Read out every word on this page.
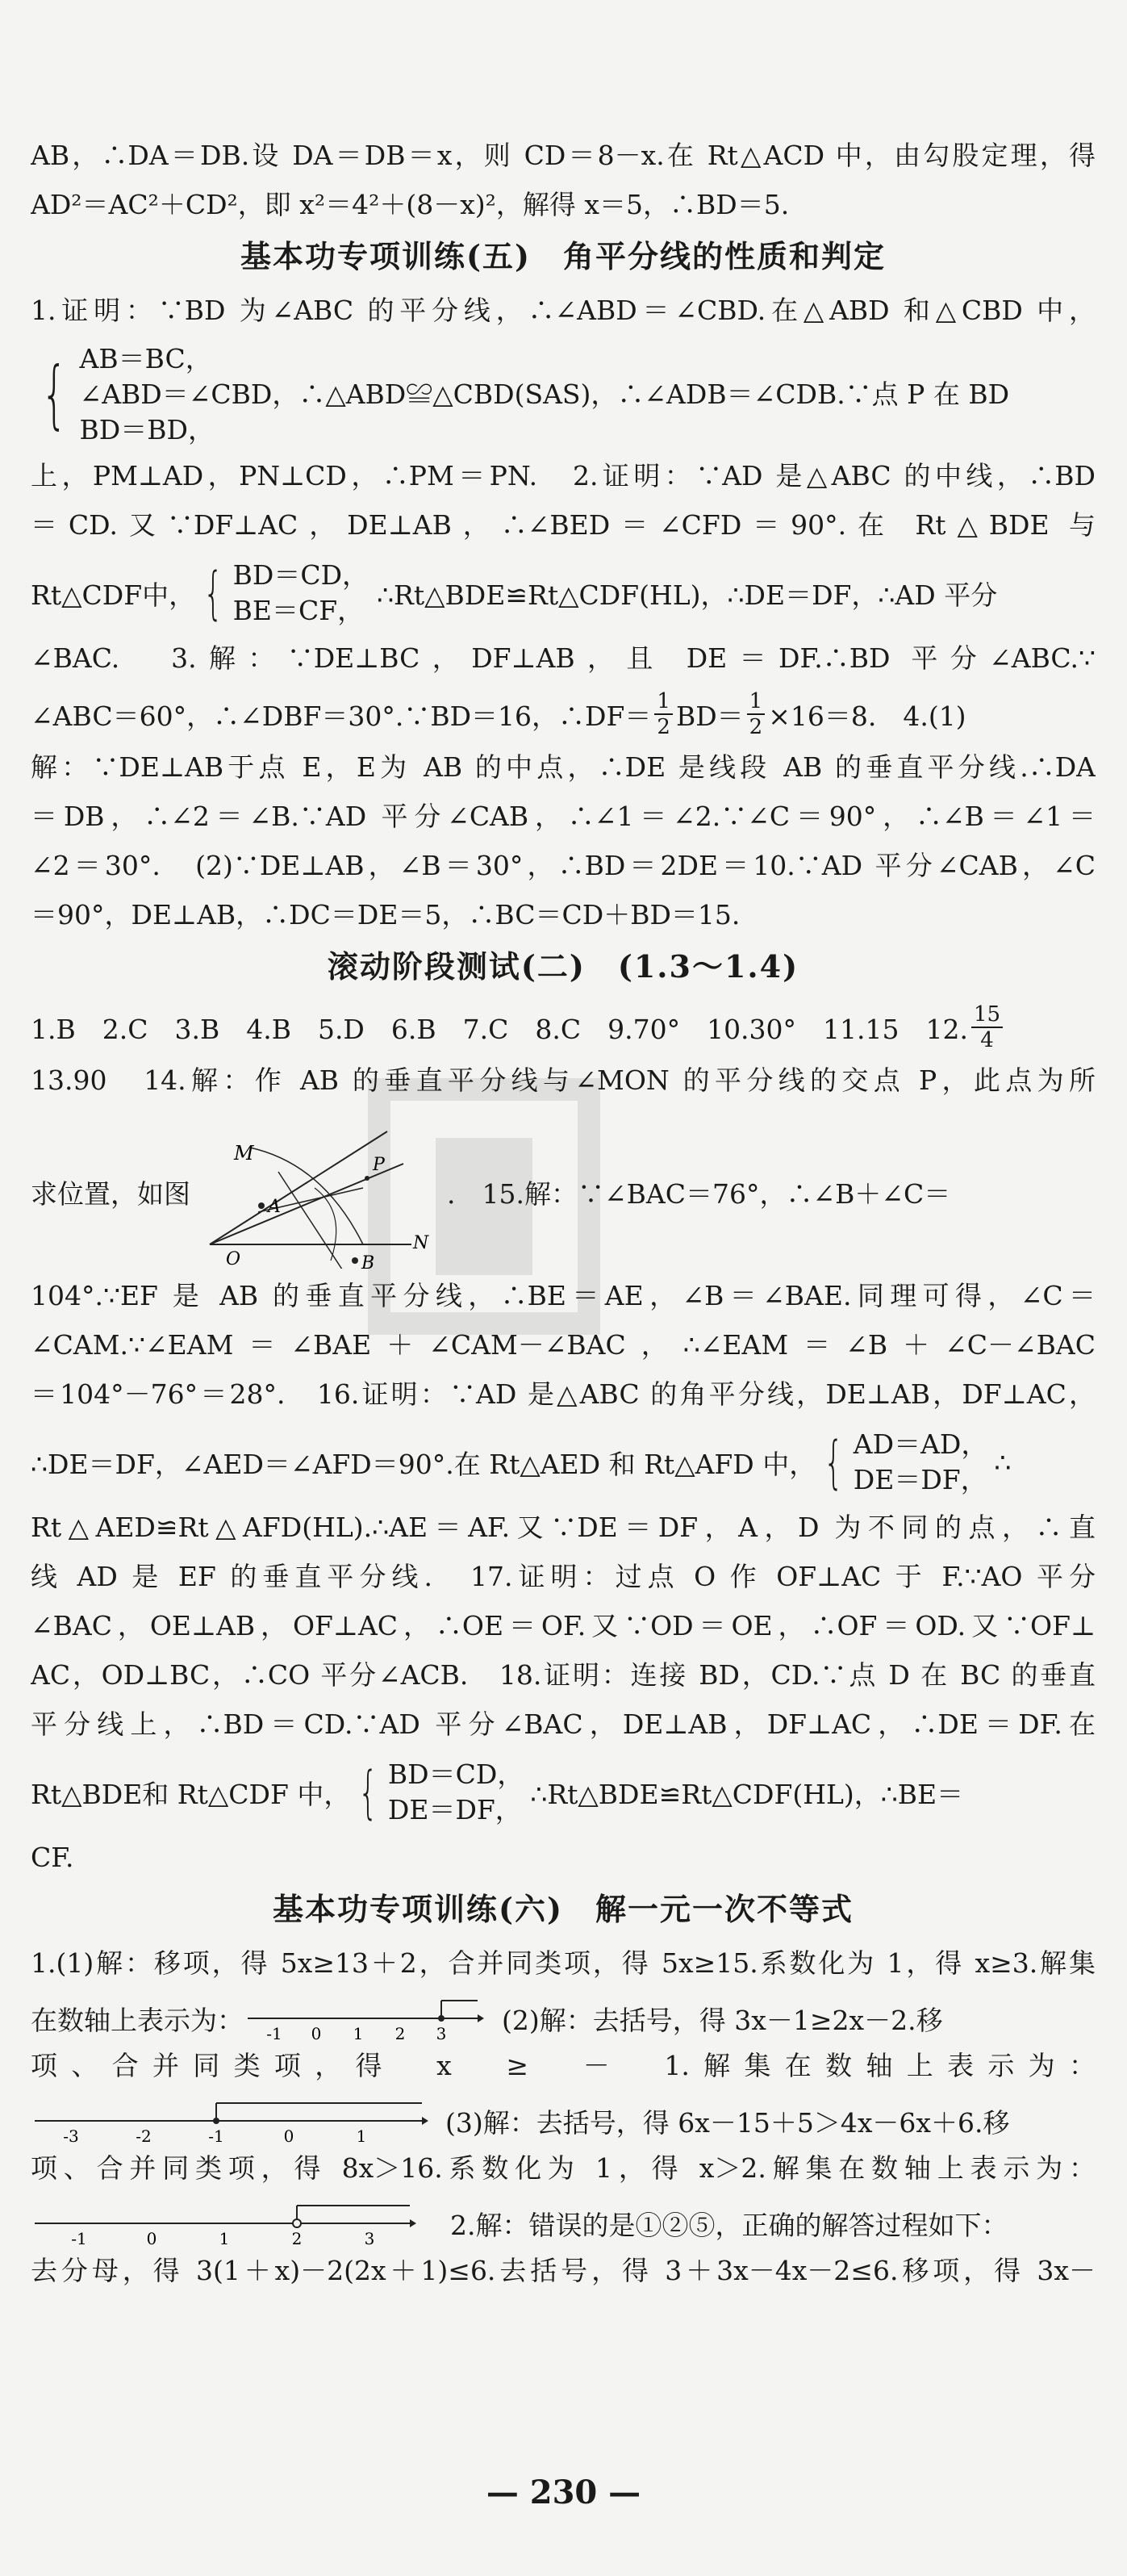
AB，∴DA＝DB.设 DA＝DB＝x，则 CD＝8－x.在 Rt△ACD 中，由勾股定理，得

AD²＝AC²＋CD²，即 x²＝4²＋(8－x)²，解得 x＝5，∴BD＝5.

基本功专项训练(五)　角平分线的性质和判定

1.证明：∵BD 为∠ABC 的平分线，∴∠ABD＝∠CBD.在△ABD 和△CBD 中，

{ AB＝BC，
∠ABD＝∠CBD，∴△ABD≌△CBD(SAS)，∴∠ADB＝∠CDB.∵点 P 在 BD
BD＝BD，

上，PM⊥AD，PN⊥CD，∴PM＝PN.　2.证明：∵AD 是△ABC 的中线，∴BD

＝CD.又∵DF⊥AC，DE⊥AB，∴∠BED＝∠CFD＝90°.在 Rt△BDE 与

Rt△CDF中， { BD＝CD，
BE＝CF， ∴Rt△BDE≌Rt△CDF(HL)，∴DE＝DF，∴AD 平分

∠BAC.　3.解：∵DE⊥BC，DF⊥AB，且 DE＝DF.∴BD 平分∠ABC.∵

∠ABC＝60°，∴∠DBF＝30°.∵BD＝16，∴DF＝ $\frac{1}{2} BD= \frac{1}{2} \times 16=8$.　4.(1)

解：∵DE⊥AB于点 E，E为 AB 的中点，∴DE 是线段 AB 的垂直平分线.∴DA

＝DB，∴∠2＝∠B.∵AD 平分∠CAB，∴∠1＝∠2.∵∠C＝90°，∴∠B＝∠1＝

∠2＝30°.　(2)∵DE⊥AB，∠B＝30°，∴BD＝2DE＝10.∵AD 平分∠CAB，∠C

＝90°，DE⊥AB，∴DC＝DE＝5，∴BC＝CD＋BD＝15.

滚动阶段测试(二)　(1.3～1.4)
1.B　2.C　3.B　4.B　5.D　6.B　7.C　8.C　9.70°　10.30°　11.15　12. $\frac{15}{4}$

13.90　14.解：作 AB 的垂直平分线与∠MON 的平分线的交点 P，此点为所

求位置，如图
M
A
P
O
N
B
.　15.解：∵∠BAC＝76°，∴∠B＋∠C＝

104°.∵EF 是 AB 的垂直平分线，∴BE＝AE，∠B＝∠BAE.同理可得，∠C＝

∠CAM.∵∠EAM＝∠BAE＋∠CAM－∠BAC，∴∠EAM＝∠B＋∠C－∠BAC

＝104°－76°＝28°.　16.证明：∵AD 是△ABC 的角平分线，DE⊥AB，DF⊥AC，

∴DE＝DF，∠AED＝∠AFD＝90°.在 Rt△AED 和 Rt△AFD 中， { AD＝AD，
DE＝DF，
∴

Rt△AED≌Rt△AFD(HL).∴AE＝AF.又∵DE＝DF，A，D 为不同的点，∴直

线 AD 是 EF 的垂直平分线.　17.证明：过点 O 作 OF⊥AC 于 F.∵AO 平分

∠BAC，OE⊥AB，OF⊥AC，∴OE＝OF.又∵OD＝OE，∴OF＝OD.又∵OF⊥

AC，OD⊥BC，∴CO 平分∠ACB.　18.证明：连接 BD，CD.∵点 D 在 BC 的垂直

平分线上，∴BD＝CD.∵AD 平分∠BAC，DE⊥AB，DF⊥AC，∴DE＝DF.在

Rt△BDE和 Rt△CDF 中， { BD＝CD，
DE＝DF， ∴Rt△BDE≌Rt△CDF(HL)，∴BE＝

CF.

基本功专项训练(六)　解一元一次不等式

1.(1)解：移项，得 5x≥13＋2，合并同类项，得 5x≥15.系数化为 1，得 x≥3.解集

在数轴上表示为： -1 0 1 2 3 (2)解：去括号，得 3x－1≥2x－2.移

项、合并同类项，得　x　≥　－　1.解集在数轴上表示为：

-3	-2	-1	0	1	(3)解：去括号，得 6x－15＋5＞4x－6x＋6.移

项、合并同类项，得 8x＞16.系数化为 1，得 x＞2.解集在数轴上表示为：

-1	0	1	2	3	2.解：错误的是①②⑤，正确的解答过程如下：

去分母，得 3(1＋x)－2(2x＋1)≤6.去括号，得 3＋3x－4x－2≤6.移项，得 3x－

— 230 —
